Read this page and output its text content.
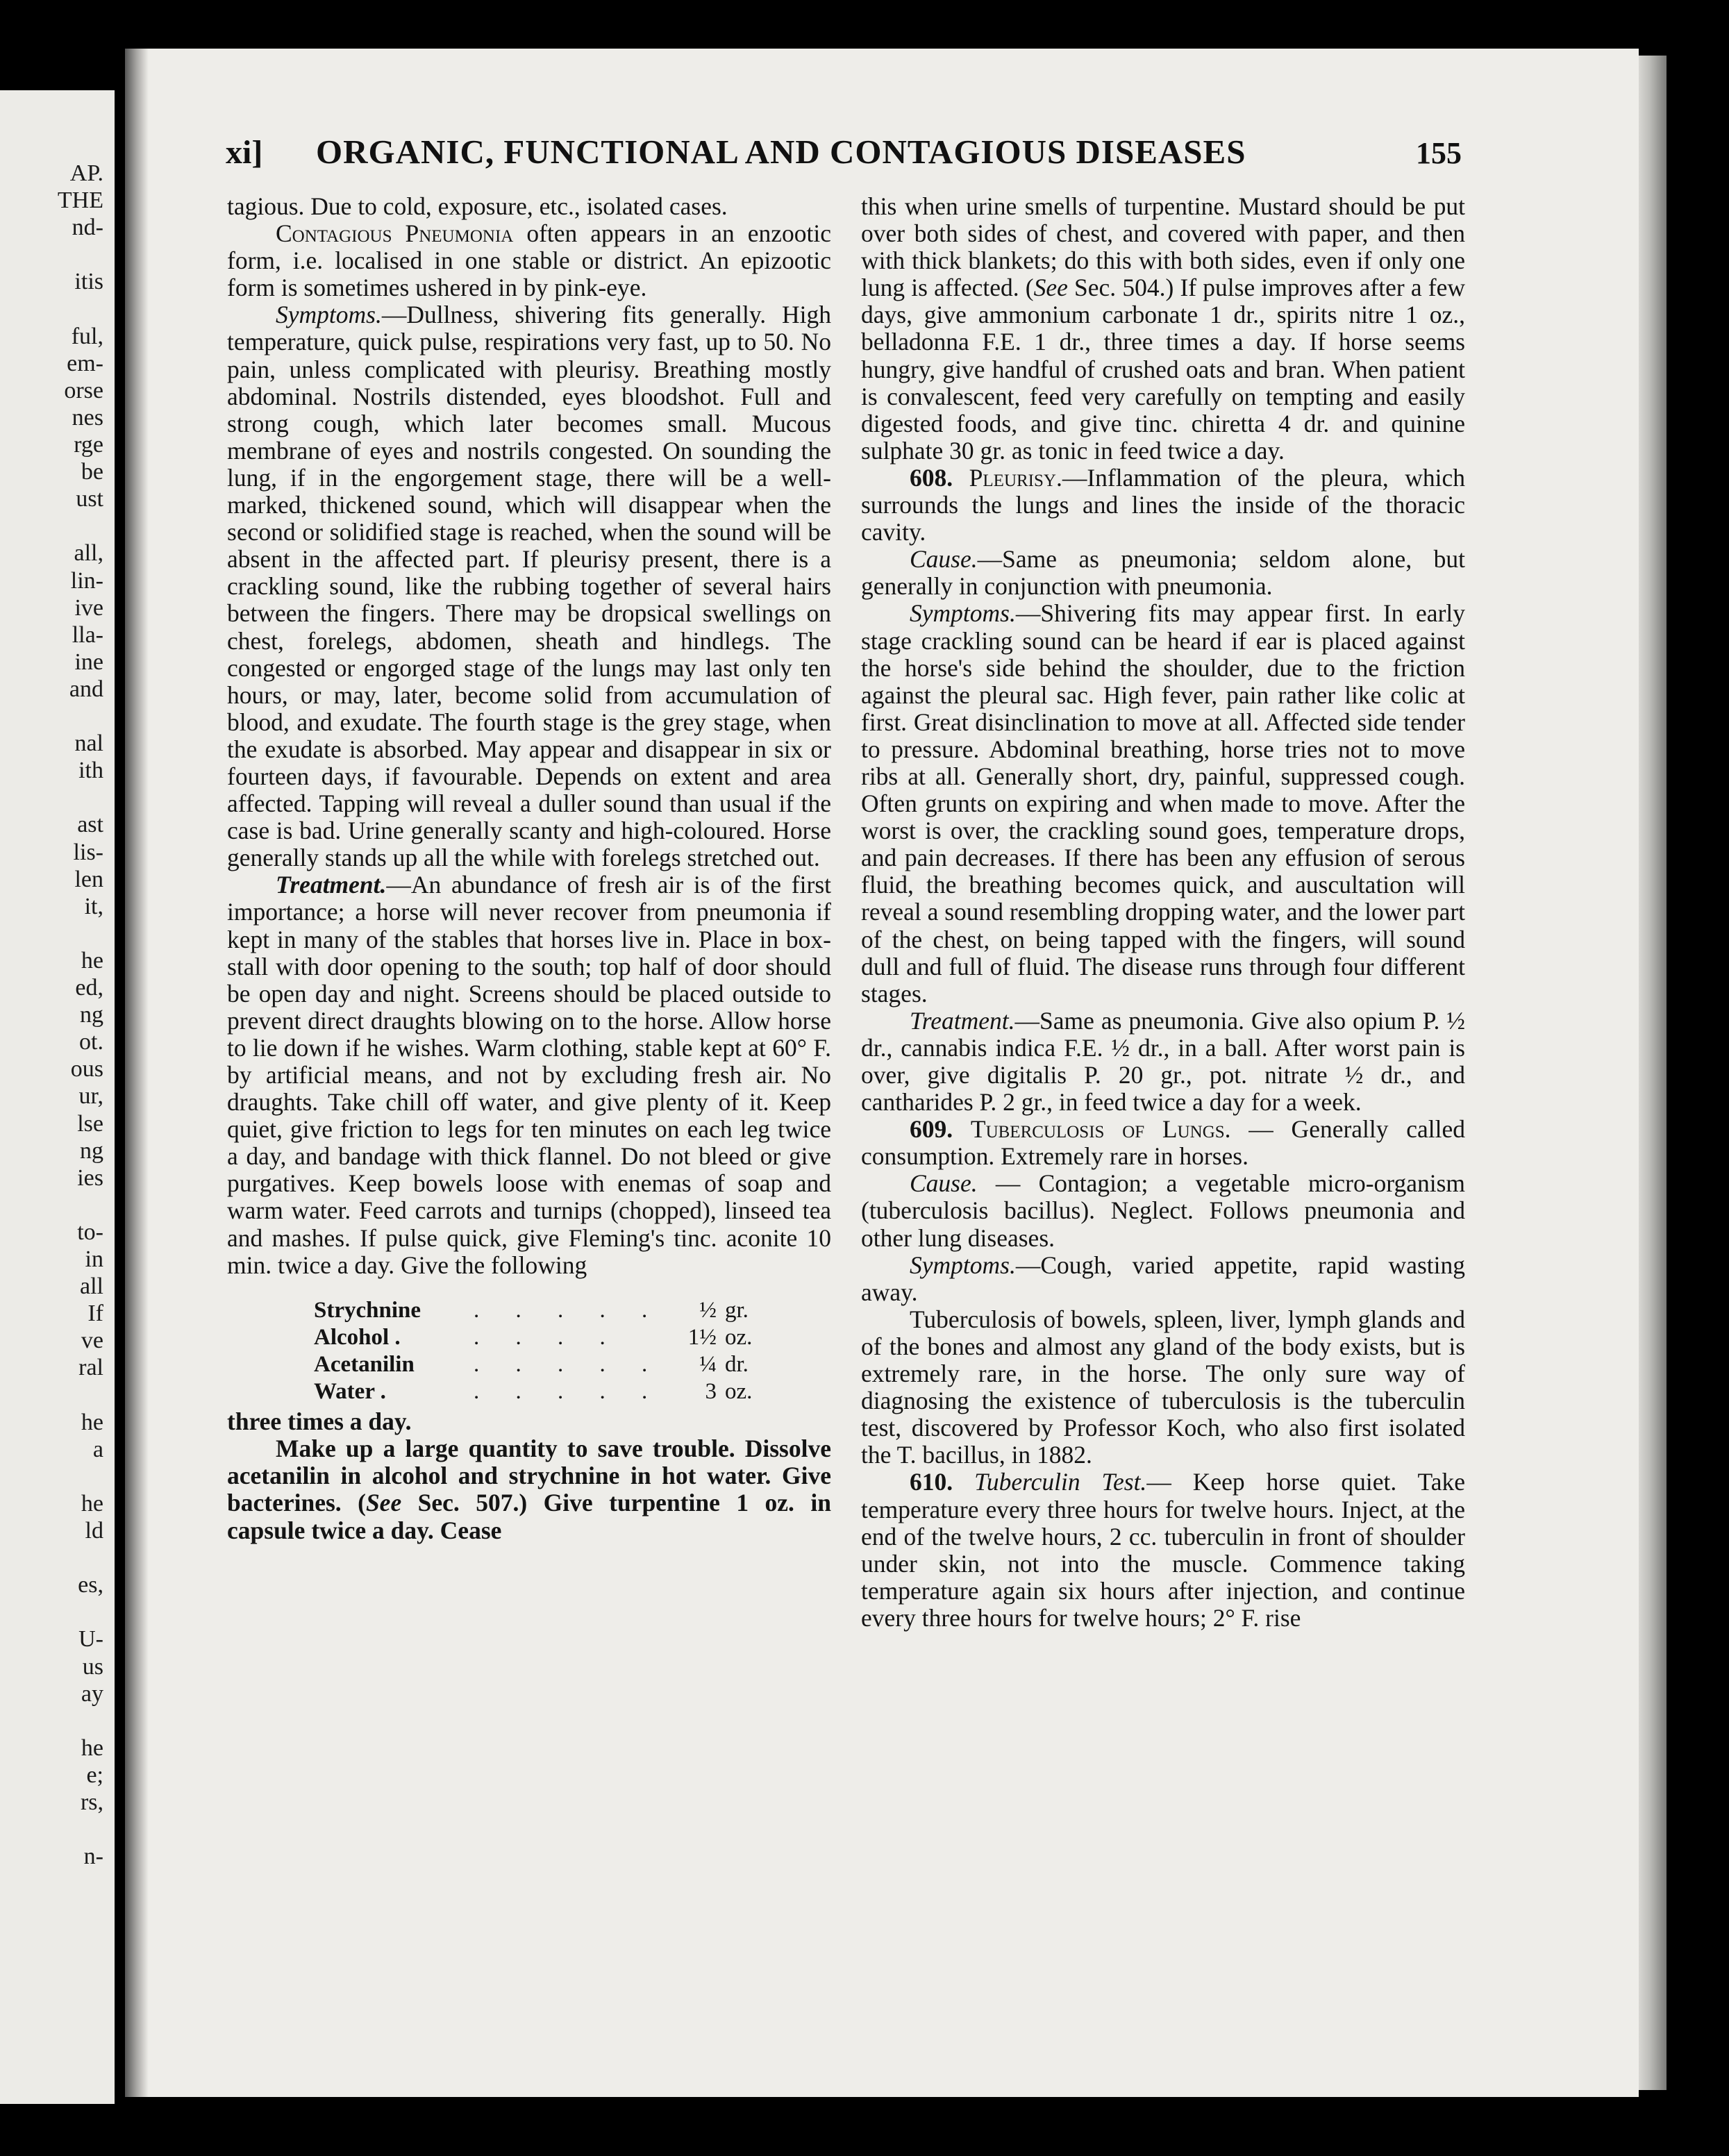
AP.
THE
nd-
itis
ful,
em-
orse
nes
rge
be
ust
all,
lin-
ive
lla-
ine
and
nal
ith
ast
lis-
len
it,
he
ed,
ng
ot.
ous
ur,
lse
ng
ies
to-
in
all
If
ve
ral
he
a
he
ld
es,
U-
us
ay
he
e;
rs,
n-
xi]	ORGANIC, FUNCTIONAL AND CONTAGIOUS DISEASES	155

tagious. Due to cold, exposure, etc., isolated cases.

Contagious Pneumonia often appears in an enzootic form, i.e. localised in one stable or district. An epizootic form is sometimes ushered in by pink-eye.

Symptoms.—Dullness, shivering fits generally. High temperature, quick pulse, respirations very fast, up to 50. No pain, unless complicated with pleurisy. Breathing mostly abdominal. Nostrils distended, eyes bloodshot. Full and strong cough, which later becomes small. Mucous membrane of eyes and nostrils congested. On sounding the lung, if in the engorgement stage, there will be a well-marked, thickened sound, which will disappear when the second or solidified stage is reached, when the sound will be absent in the affected part. If pleurisy present, there is a crackling sound, like the rubbing together of several hairs between the fingers. There may be dropsical swellings on chest, forelegs, abdomen, sheath and hindlegs. The congested or engorged stage of the lungs may last only ten hours, or may, later, become solid from accumulation of blood, and exudate. The fourth stage is the grey stage, when the exudate is absorbed. May appear and disappear in six or fourteen days, if favourable. Depends on extent and area affected. Tapping will reveal a duller sound than usual if the case is bad. Urine generally scanty and high-coloured. Horse generally stands up all the while with forelegs stretched out.

Treatment.—An abundance of fresh air is of the first importance; a horse will never recover from pneumonia if kept in many of the stables that horses live in. Place in box-stall with door opening to the south; top half of door should be open day and night. Screens should be placed outside to prevent direct draughts blowing on to the horse. Allow horse to lie down if he wishes. Warm clothing, stable kept at 60° F. by artificial means, and not by excluding fresh air. No draughts. Take chill off water, and give plenty of it. Keep quiet, give friction to legs for ten minutes on each leg twice a day, and bandage with thick flannel. Do not bleed or give purgatives. Keep bowels loose with enemas of soap and warm water. Feed carrots and turnips (chopped), linseed tea and mashes. If pulse quick, give Fleming's tinc. aconite 10 min. twice a day. Give the following

Strychnine	. . . . .	½	gr.
Alcohol .	. . . .	1½	oz.
Acetanilin	. . . . .	¼	dr.
Water .	. . . . .	3	oz.

three times a day.

Make up a large quantity to save trouble. Dissolve acetanilin in alcohol and strychnine in hot water. Give bacterines. (See Sec. 507.) Give turpentine 1 oz. in capsule twice a day. Cease

this when urine smells of turpentine. Mustard should be put over both sides of chest, and covered with paper, and then with thick blankets; do this with both sides, even if only one lung is affected. (See Sec. 504.) If pulse improves after a few days, give ammonium carbonate 1 dr., spirits nitre 1 oz., belladonna F.E. 1 dr., three times a day. If horse seems hungry, give handful of crushed oats and bran. When patient is convalescent, feed very carefully on tempting and easily digested foods, and give tinc. chiretta 4 dr. and quinine sulphate 30 gr. as tonic in feed twice a day.

608. Pleurisy.—Inflammation of the pleura, which surrounds the lungs and lines the inside of the thoracic cavity.

Cause.—Same as pneumonia; seldom alone, but generally in conjunction with pneumonia.

Symptoms.—Shivering fits may appear first. In early stage crackling sound can be heard if ear is placed against the horse's side behind the shoulder, due to the friction against the pleural sac. High fever, pain rather like colic at first. Great disinclination to move at all. Affected side tender to pressure. Abdominal breathing, horse tries not to move ribs at all. Generally short, dry, painful, suppressed cough. Often grunts on expiring and when made to move. After the worst is over, the crackling sound goes, temperature drops, and pain decreases. If there has been any effusion of serous fluid, the breathing becomes quick, and auscultation will reveal a sound resembling dropping water, and the lower part of the chest, on being tapped with the fingers, will sound dull and full of fluid. The disease runs through four different stages.

Treatment.—Same as pneumonia. Give also opium P. ½ dr., cannabis indica F.E. ½ dr., in a ball. After worst pain is over, give digitalis P. 20 gr., pot. nitrate ½ dr., and cantharides P. 2 gr., in feed twice a day for a week.

609. Tuberculosis of Lungs. — Generally called consumption. Extremely rare in horses.

Cause. — Contagion; a vegetable micro-organism (tuberculosis bacillus). Neglect. Follows pneumonia and other lung diseases.

Symptoms.—Cough, varied appetite, rapid wasting away.

Tuberculosis of bowels, spleen, liver, lymph glands and of the bones and almost any gland of the body exists, but is extremely rare, in the horse. The only sure way of diagnosing the existence of tuberculosis is the tuberculin test, discovered by Professor Koch, who also first isolated the T. bacillus, in 1882.

610. Tuberculin Test.— Keep horse quiet. Take temperature every three hours for twelve hours. Inject, at the end of the twelve hours, 2 cc. tuberculin in front of shoulder under skin, not into the muscle. Commence taking temperature again six hours after injection, and continue every three hours for twelve hours; 2° F. rise
